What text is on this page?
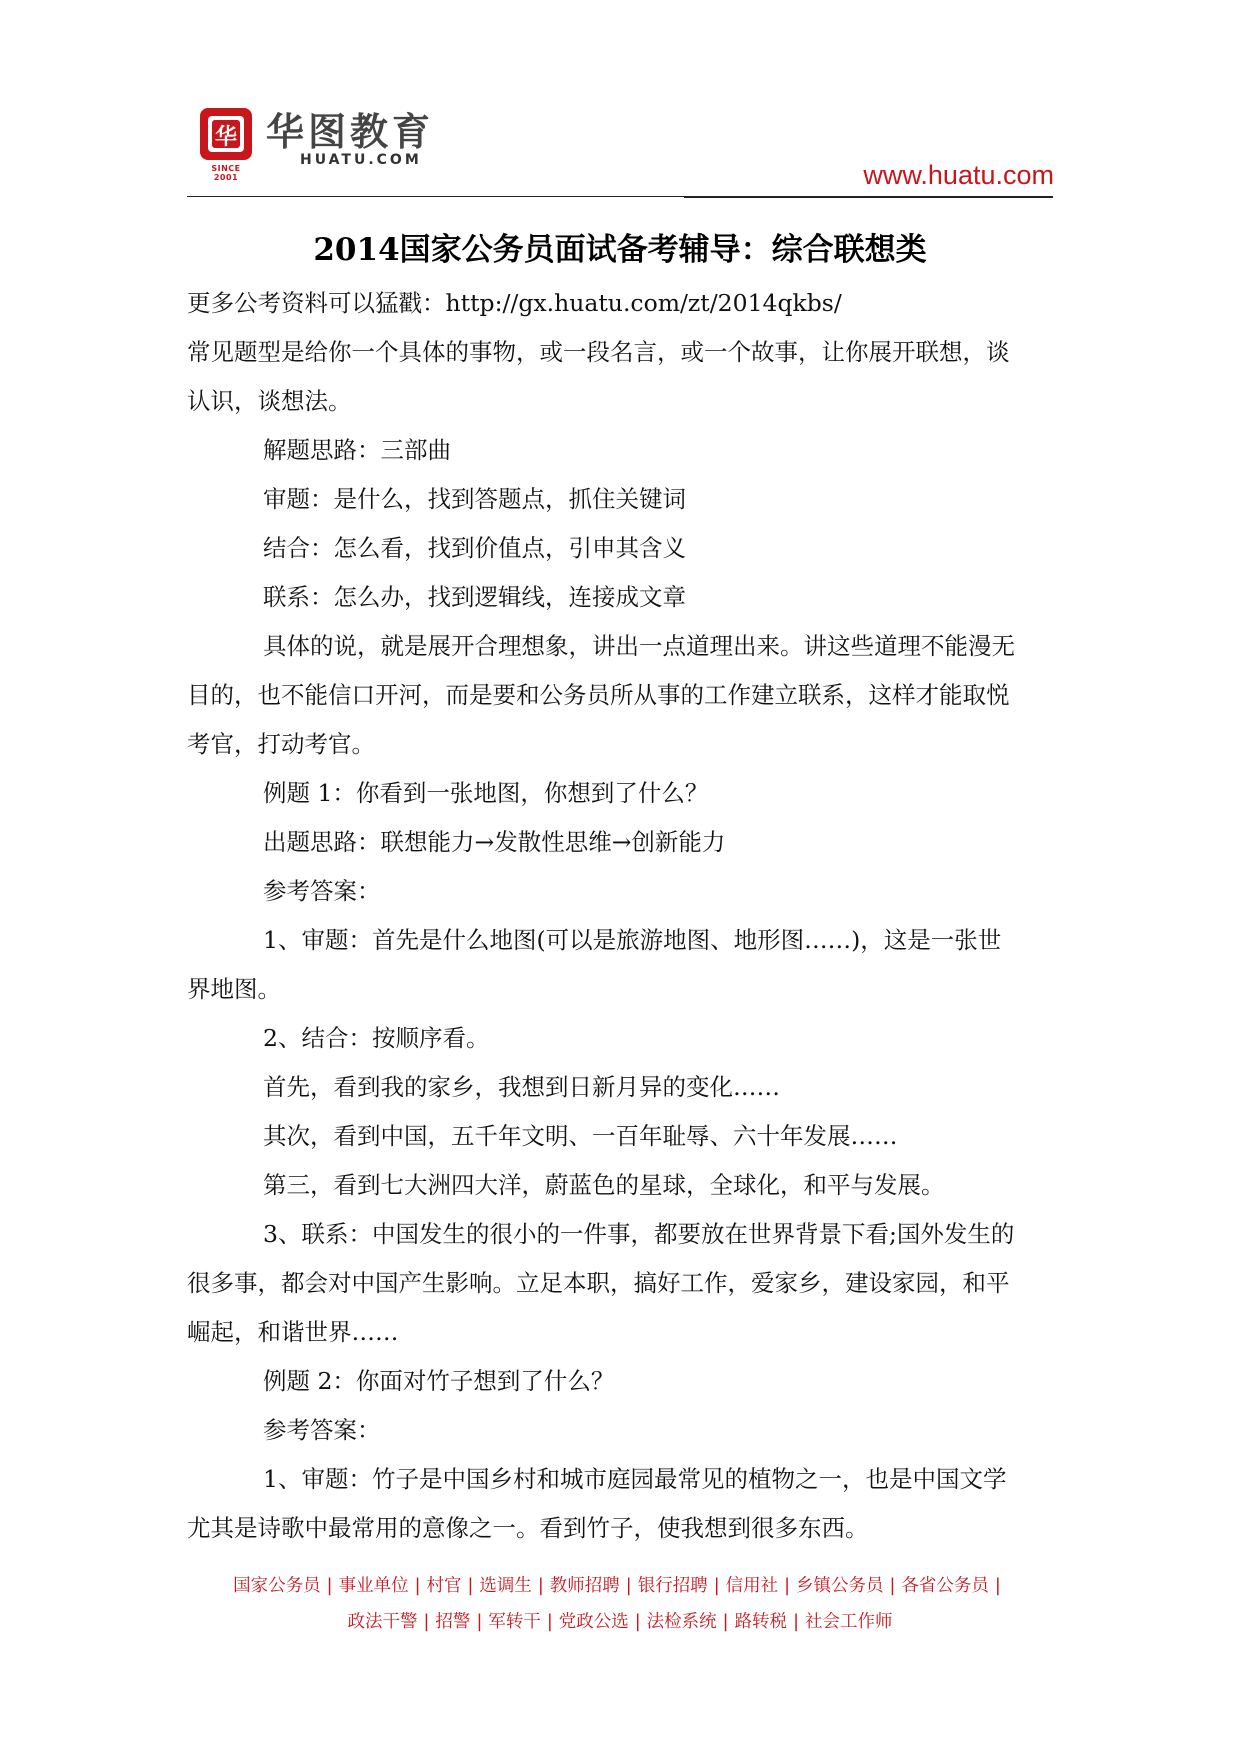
华
SINCE 2001
华图教育
HUATU.COM	www.huatu.com
2014国家公务员面试备考辅导：综合联想类
更多公考资料可以猛戳：http://gx.huatu.com/zt/2014qkbs/
常见题型是给你一个具体的事物，或一段名言，或一个故事，让你展开联想，谈
认识，谈想法。
解题思路：三部曲
审题：是什么，找到答题点，抓住关键词
结合：怎么看，找到价值点，引申其含义
联系：怎么办，找到逻辑线，连接成文章
具体的说，就是展开合理想象，讲出一点道理出来。讲这些道理不能漫无
目的，也不能信口开河，而是要和公务员所从事的工作建立联系，这样才能取悦
考官，打动考官。
例题 1：你看到一张地图，你想到了什么？
出题思路：联想能力→发散性思维→创新能力
参考答案：
1、审题：首先是什么地图(可以是旅游地图、地形图……)，这是一张世
界地图。
2、结合：按顺序看。
首先，看到我的家乡，我想到日新月异的变化……
其次，看到中国，五千年文明、一百年耻辱、六十年发展……
第三，看到七大洲四大洋，蔚蓝色的星球，全球化，和平与发展。
3、联系：中国发生的很小的一件事，都要放在世界背景下看;国外发生的
很多事，都会对中国产生影响。立足本职，搞好工作，爱家乡，建设家园，和平
崛起，和谐世界……
例题 2：你面对竹子想到了什么？
参考答案：
1、审题：竹子是中国乡村和城市庭园最常见的植物之一，也是中国文学
尤其是诗歌中最常用的意像之一。看到竹子，使我想到很多东西。
国家公务员 | 事业单位 | 村官 | 选调生 | 教师招聘 | 银行招聘 | 信用社 | 乡镇公务员 | 各省公务员 |
政法干警 | 招警 | 军转干 | 党政公选 | 法检系统 | 路转税 | 社会工作师
